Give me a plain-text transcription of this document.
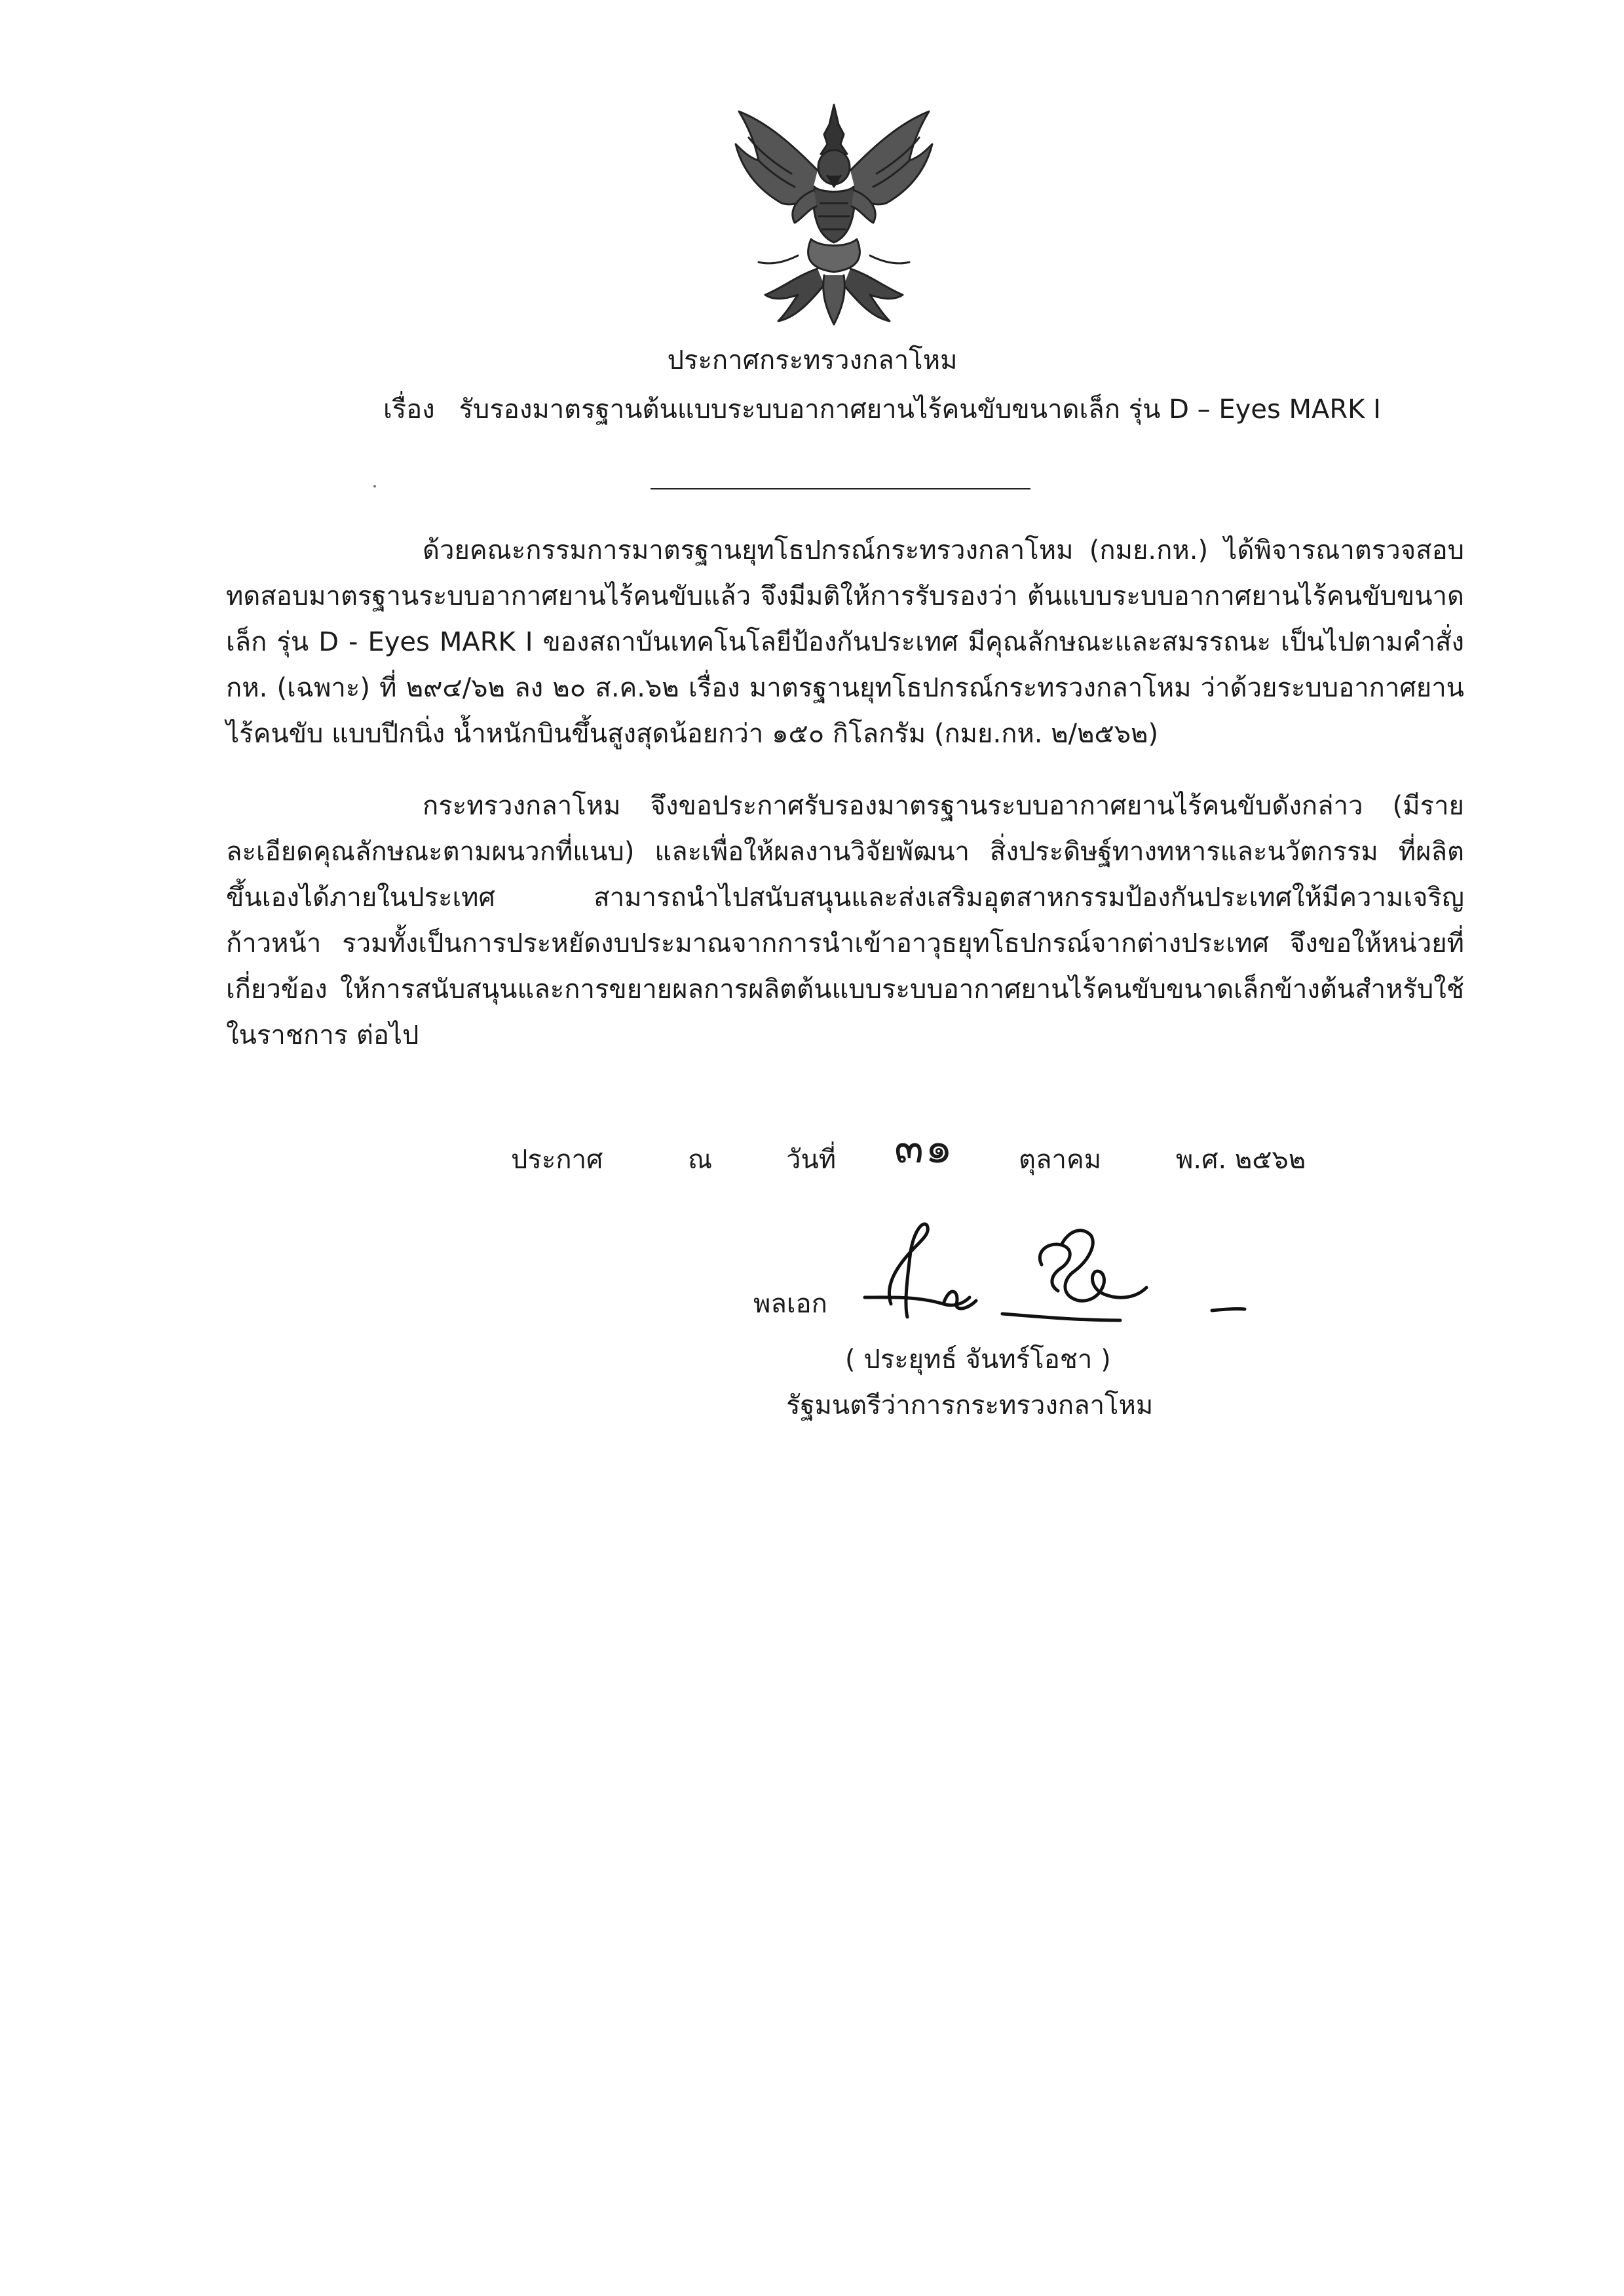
ประกาศกระทรวงกลาโหม
เรื่อง รับรองมาตรฐานต้นแบบระบบอากาศยานไร้คนขับขนาดเล็ก รุ่น D – Eyes MARK I

ด้วยคณะกรรมการมาตรฐานยุทโธปกรณ์กระทรวงกลาโหม (กมย.กห.) ได้พิจารณาตรวจสอบทดสอบมาตรฐานระบบอากาศยานไร้คนขับแล้ว จึงมีมติให้การรับรองว่า ต้นแบบระบบอากาศยานไร้คนขับขนาดเล็ก รุ่น D - Eyes MARK I ของสถาบันเทคโนโลยีป้องกันประเทศ มีคุณลักษณะและสมรรถนะ เป็นไปตามคำสั่ง กห. (เฉพาะ) ที่ ๒๙๔/๖๒ ลง ๒๐ ส.ค.๖๒ เรื่อง มาตรฐานยุทโธปกรณ์กระทรวงกลาโหม ว่าด้วยระบบอากาศยานไร้คนขับ แบบปีกนิ่ง น้ำหนักบินขึ้นสูงสุดน้อยกว่า ๑๕๐ กิโลกรัม (กมย.กห. ๒/๒๕๖๒)

กระทรวงกลาโหม จึงขอประกาศรับรองมาตรฐานระบบอากาศยานไร้คนขับดังกล่าว (มีรายละเอียดคุณลักษณะตามผนวกที่แนบ) และเพื่อให้ผลงานวิจัยพัฒนา สิ่งประดิษฐ์ทางทหารและนวัตกรรม ที่ผลิตขึ้นเองได้ภายในประเทศ สามารถนำไปสนับสนุนและส่งเสริมอุตสาหกรรมป้องกันประเทศให้มีความเจริญก้าวหน้า รวมทั้งเป็นการประหยัดงบประมาณจากการนำเข้าอาวุธยุทโธปกรณ์จากต่างประเทศ จึงขอให้หน่วยที่เกี่ยวข้อง ให้การสนับสนุนและการขยายผลการผลิตต้นแบบระบบอากาศยานไร้คนขับขนาดเล็กข้างต้นสำหรับใช้ในราชการ ต่อไป

ประกาศ	ณ	วันที่ ๓๑ ตุลาคม	พ.ศ. ๒๕๖๒
พลเอก
( ประยุทธ์ จันทร์โอชา )
รัฐมนตรีว่าการกระทรวงกลาโหม
